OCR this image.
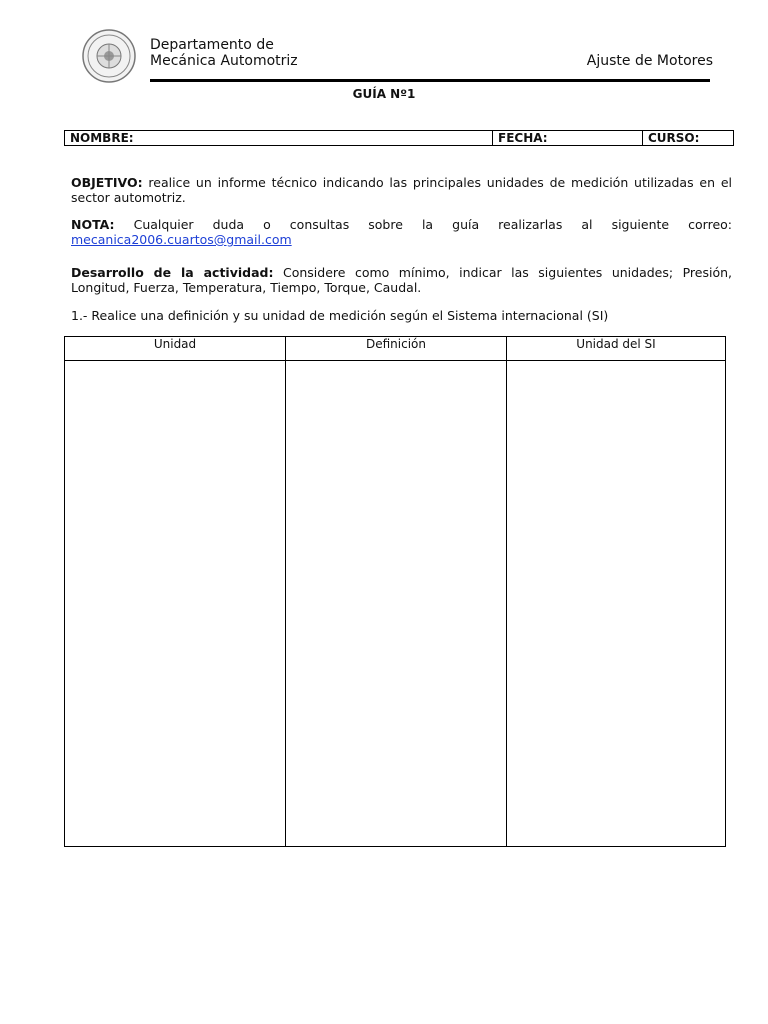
Departamento de
Mecánica Automotriz	Ajuste de Motores
GUÍA Nº1
NOMBRE:	FECHA:	CURSO:
OBJETIVO: realice un informe técnico indicando las principales unidades de medición utilizadas en el
sector automotriz.
NOTA: Cualquier duda o consultas sobre la guía realizarlas al siguiente correo:
mecanica2006.cuartos@gmail.com
Desarrollo de la actividad: Considere como mínimo, indicar las siguientes unidades; Presión,
Longitud, Fuerza, Temperatura, Tiempo, Torque, Caudal.
1.- Realice una definición y su unidad de medición según el Sistema internacional (SI)
Unidad	Definición	Unidad del SI
